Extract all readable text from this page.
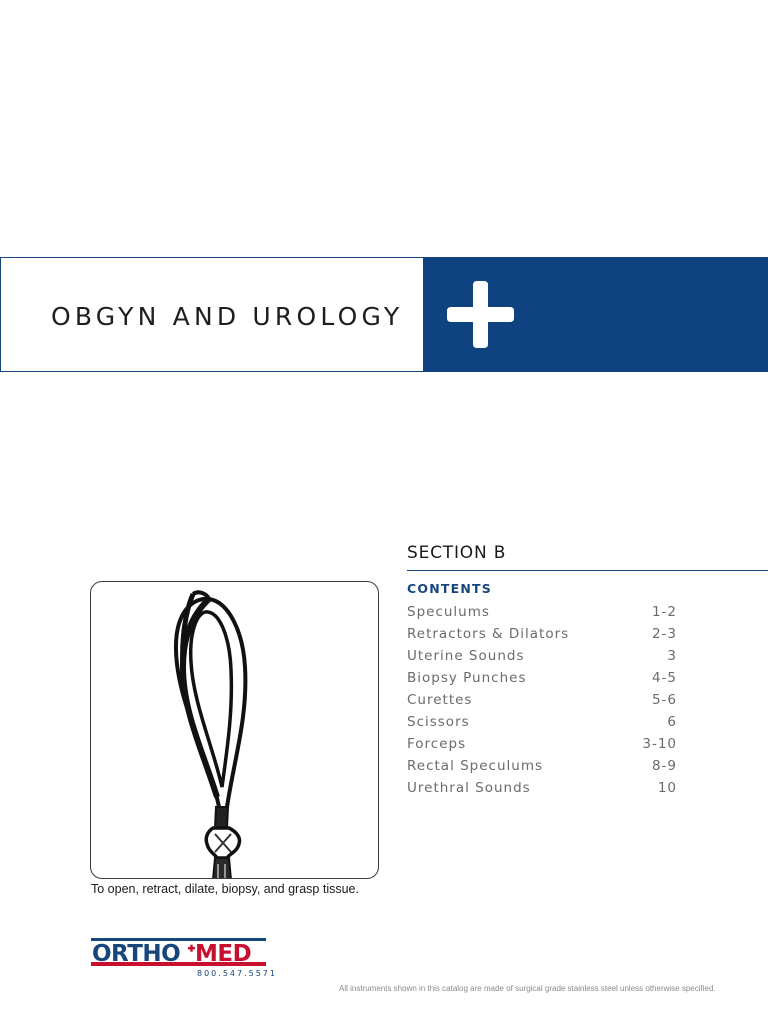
OBGYN AND UROLOGY
SECTION B
CONTENTS
Speculums	1-2
Retractors & Dilators	2-3
Uterine Sounds	3
Biopsy Punches	4-5
Curettes	5-6
Scissors	6
Forceps	3-10
Rectal Speculums	8-9
Urethral Sounds	10
To open, retract, dilate, biopsy, and grasp tissue.
ORTHO MED
800.547.5571
All instruments shown in this catalog are made of surgical grade stainless steel unless otherwise specified.
